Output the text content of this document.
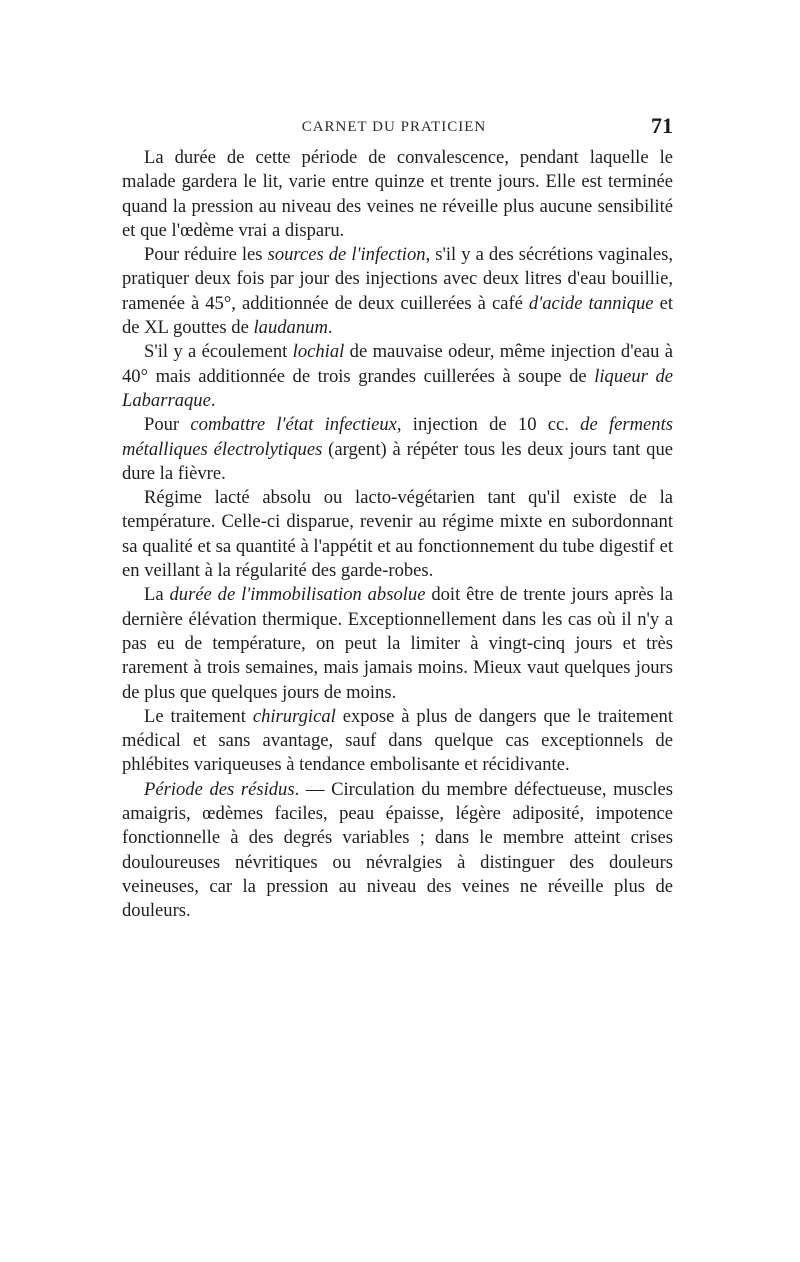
CARNET DU PRATICIEN	71

La durée de cette période de convalescence, pendant laquelle le malade gardera le lit, varie entre quinze et trente jours. Elle est terminée quand la pression au niveau des veines ne réveille plus aucune sensibilité et que l'œdème vrai a disparu.

Pour réduire les sources de l'infection, s'il y a des sécrétions vaginales, pratiquer deux fois par jour des injections avec deux litres d'eau bouillie, ramenée à 45°, additionnée de deux cuillerées à café d'acide tannique et de XL gouttes de laudanum.

S'il y a écoulement lochial de mauvaise odeur, même injection d'eau à 40° mais additionnée de trois grandes cuillerées à soupe de liqueur de Labarraque.

Pour combattre l'état infectieux, injection de 10 cc. de ferments métalliques électrolytiques (argent) à répéter tous les deux jours tant que dure la fièvre.

Régime lacté absolu ou lacto-végétarien tant qu'il existe de la température. Celle-ci disparue, revenir au régime mixte en subordonnant sa qualité et sa quantité à l'appétit et au fonctionnement du tube digestif et en veillant à la régularité des garde-robes.

La durée de l'immobilisation absolue doit être de trente jours après la dernière élévation thermique. Exceptionnellement dans les cas où il n'y a pas eu de température, on peut la limiter à vingt-cinq jours et très rarement à trois semaines, mais jamais moins. Mieux vaut quelques jours de plus que quelques jours de moins.

Le traitement chirurgical expose à plus de dangers que le traitement médical et sans avantage, sauf dans quelque cas exceptionnels de phlébites variqueuses à tendance embolisante et récidivante.

Période des résidus. — Circulation du membre défectueuse, muscles amaigris, œdèmes faciles, peau épaisse, légère adiposité, impotence fonctionnelle à des degrés variables ; dans le membre atteint crises douloureuses névritiques ou névralgies à distinguer des douleurs veineuses, car la pression au niveau des veines ne réveille plus de douleurs.
